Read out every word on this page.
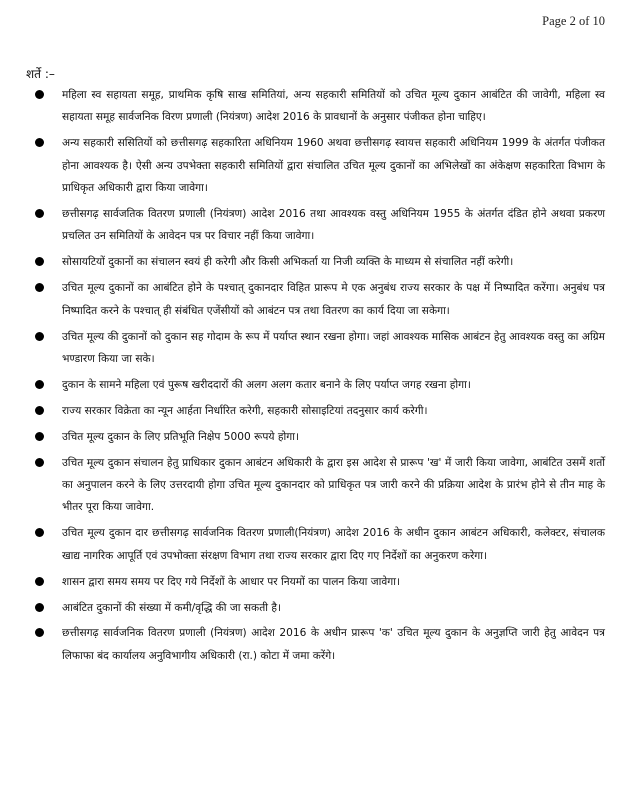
Page 2 of 10
शर्ते :–
महिला स्व सहायता समूह, प्राथमिक कृषि साख समितियां, अन्य सहकारी समितियों को उचित मूल्य दुकान आबंटित की जावेगी, महिला स्व सहायता समूह सार्वजनिक विरण प्रणाली (नियंत्रण) आदेश 2016 के प्रावधानों के अनुसार पंजीकत होना चाहिए।
अन्य सहकारी ससितियों को छत्तीसगढ़ सहकारिता अधिनियम 1960 अथवा छत्तीसगढ़ स्वायत्त सहकारी अधिनियम 1999 के अंतर्गत पंजीकत होना आवश्यक है। ऐसी अन्य उपभेक्ता सहकारी समितियों द्वारा संचालित उचित मूल्य दुकानों का अभिलेखों का अंकेक्षण सहकारिता विभाग के प्राधिकृत अधिकारी द्वारा किया जावेगा।
छत्तीसगढ़ सार्वजतिक वितरण प्रणाली (नियंत्रण) आदेश 2016 तथा आवश्यक वस्तु अधिनियम 1955 के अंतर्गत दंडित होने अथवा प्रकरण प्रचलित उन समितियों के आवेदन पत्र पर विचार नहीं किया जावेगा।
सोसायटियों दुकानों का संचालन स्वयं ही करेगी और किसी अभिकर्ता या निजी व्यक्ति के माध्यम से संचालित नहीं करेगी।
उचित मूल्य दुकानों का आबंटित होने के पश्चात् दुकानदार विहित प्रारूप मे एक अनुबंध राज्य सरकार के पक्ष में निष्पादित करेंगा। अनुबंध पत्र निष्पादित करने के पश्चात् ही संबंधित एजेंसीयों को आबंटन पत्र तथा वितरण का कार्य दिया जा सकेगा।
उचित मूल्य की दुकानों को दुकान सह गोदाम के रूप में पर्याप्त स्थान रखना होगा। जहां आवश्यक मासिक आबंटन हेतु आवश्यक वस्तु का अग्रिम भण्डारण किया जा सके।
दुकान के सामने महिला एवं पुरूष खरीददारों की अलग अलग कतार बनाने के लिए पर्याप्त जगह रखना होगा।
राज्य सरकार विक्रेता का न्यून आर्हता निर्धारित करेगी, सहकारी सोसाइटियां तदनुसार कार्य करेगी।
उचित मूल्य दुकान के लिए प्रतिभूति निक्षेप 5000 रूपये होगा।
उचित मूल्य दुकान संचालन हेतु प्राधिकार दुकान आबंटन अधिकारी के द्वारा इस आदेश से प्रारूप 'ख' में जारी किया जावेगा, आबंटित उसमें शर्तो का अनुपालन करने के लिए उत्तरदायी होगा उचित मूल्य दुकानदार को प्राधिकृत पत्र जारी करने की प्रक्रिया आदेश के प्रारंभ होने से तीन माह के भीतर पूरा किया जावेगा.
उचित मूल्य दुकान दार छत्तीसगढ़ सार्वजनिक वितरण प्रणाली(नियंत्रण) आदेश 2016 के अधीन दुकान आबंटन अधिकारी, कलेक्टर, संचालक खाद्य नागरिक आपूर्ति एवं उपभोक्ता संरक्षण विभाग तथा राज्य सरकार द्वारा दिए गए निर्देशों का अनुकरण करेगा।
शासन द्वारा समय समय पर दिए गये निर्देशों के आधार पर नियमों का पालन किया जावेगा।
आबंटित दुकानों की संख्या में कमी/वृद्धि की जा सकती है।
छत्तीसगढ़ सार्वजनिक वितरण प्रणाली (नियंत्रण) आदेश 2016 के अधीन प्रारूप 'क' उचित मूल्य दुकान के अनुज्ञप्ति जारी हेतु आवेदन पत्र लिफाफा बंद कार्यालय अनुविभागीय अधिकारी (रा.) कोटा में जमा करेंगे।
